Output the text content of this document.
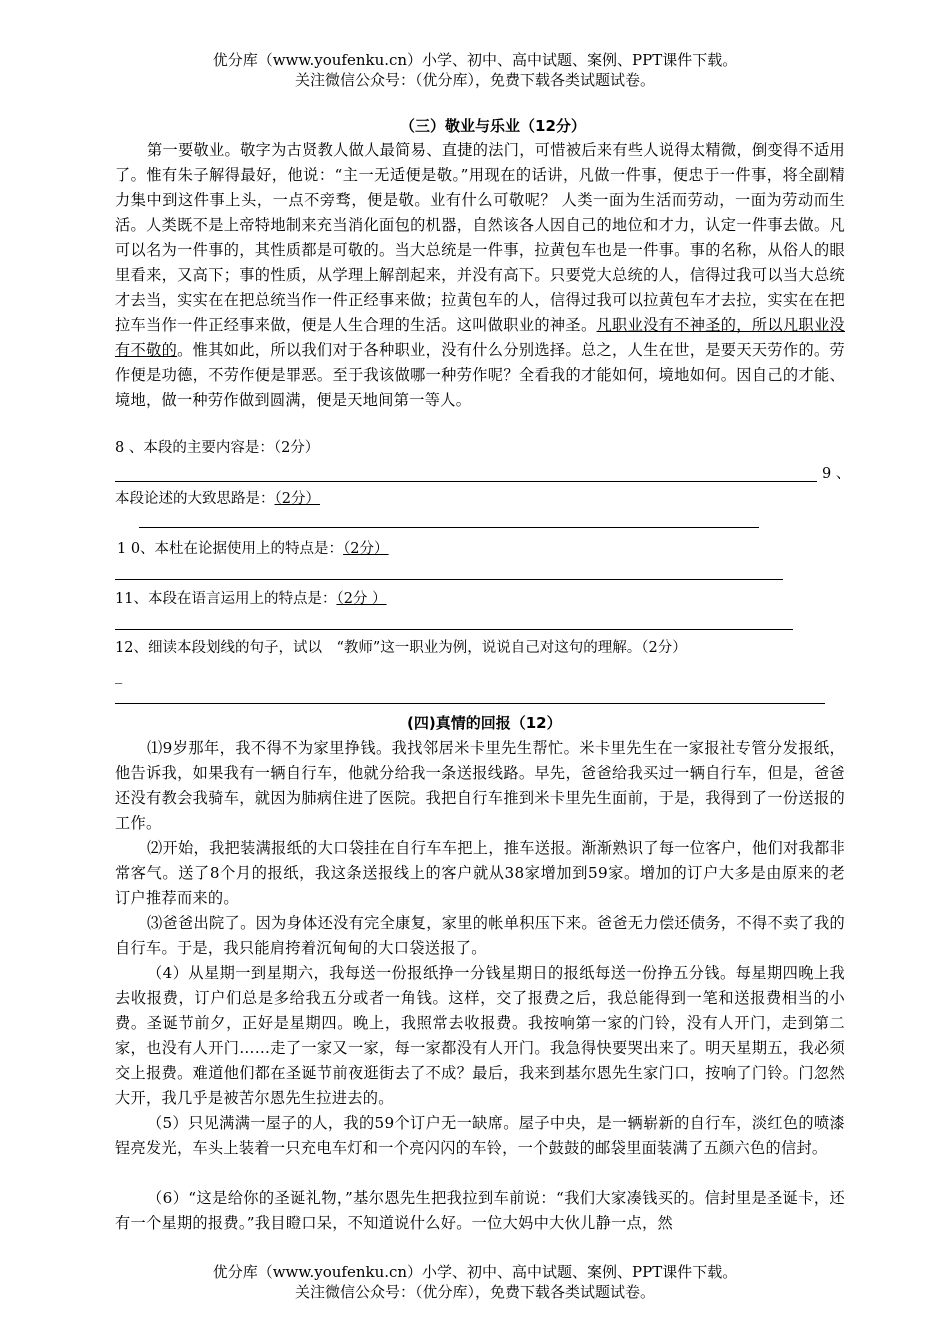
优分库（www.youfenku.cn）小学、初中、高中试题、案例、PPT课件下载。
关注微信公众号：（优分库），免费下载各类试题试卷。
（三）敬业与乐业（12分）

第一要敬业。敬字为古贤教人做人最简易、直捷的法门，可惜被后来有些人说得太精微，倒变得不适用了。惟有朱子解得最好，他说：“主一无适便是敬。”用现在的话讲，凡做一件事，便忠于一件事，将全副精力集中到这件事上头，一点不旁骛，便是敬。业有什么可敬呢？ 人类一面为生活而劳动，一面为劳动而生活。人类既不是上帝特地制来充当消化面包的机器，自然该各人因自己的地位和才力，认定一件事去做。凡可以名为一件事的，其性质都是可敬的。当大总统是一件事，拉黄包车也是一件事。事的名称，从俗人的眼里看来，又高下；事的性质，从学理上解剖起来，并没有高下。只要党大总统的人，信得过我可以当大总统才去当，实实在在把总统当作一件正经事来做；拉黄包车的人，信得过我可以拉黄包车才去拉，实实在在把拉车当作一件正经事来做，便是人生合理的生活。这叫做职业的神圣。凡职业没有不神圣的，所以凡职业没有不敬的。惟其如此，所以我们对于各种职业，没有什么分别选择。总之，人生在世，是要天天劳作的。劳作便是功德，不劳作便是罪恶。至于我该做哪一种劳作呢？全看我的才能如何，境地如何。因自己的才能、境地，做一种劳作做到圆满，便是天地间第一等人。

8 、本段的主要内容是：（2分）
9 、
本段论述的大致思路是：（2分）
1 0、本杜在论据使用上的特点是：（2分）
11、本段在语言运用上的特点是：（2分 ）
12、细读本段划线的句子，试以　“教师”这一职业为例，说说自己对这句的理解。（2分）
_
(四)真情的回报（12）

⑴9岁那年，我不得不为家里挣钱。我找邻居米卡里先生帮忙。米卡里先生在一家报社专管分发报纸，他告诉我，如果我有一辆自行车，他就分给我一条送报线路。早先，爸爸给我买过一辆自行车，但是，爸爸还没有教会我骑车，就因为肺病住进了医院。我把自行车推到米卡里先生面前，于是，我得到了一份送报的工作。

⑵开始，我把装满报纸的大口袋挂在自行车车把上，推车送报。渐渐熟识了每一位客户，他们对我都非常客气。送了8个月的报纸，我这条送报线上的客户就从38家增加到59家。增加的订户大多是由原来的老订户推荐而来的。

⑶爸爸出院了。因为身体还没有完全康复，家里的帐单积压下来。爸爸无力偿还债务，不得不卖了我的自行车。于是，我只能肩挎着沉甸甸的大口袋送报了。

（4）从星期一到星期六，我每送一份报纸挣一分钱星期日的报纸每送一份挣五分钱。每星期四晚上我去收报费，订户们总是多给我五分或者一角钱。这样，交了报费之后，我总能得到一笔和送报费相当的小费。圣诞节前夕，正好是星期四。晚上，我照常去收报费。我按响第一家的门铃，没有人开门，走到第二家，也没有人开门……走了一家又一家，每一家都没有人开门。我急得快要哭出来了。明天星期五，我必须交上报费。难道他们都在圣诞节前夜逛街去了不成？最后，我来到基尔恩先生家门口，按响了门铃。门忽然大开，我几乎是被苦尔恩先生拉进去的。

（5）只见满满一屋子的人，我的59个订户无一缺席。屋子中央，是一辆崭新的自行车，淡红色的喷漆锃亮发光，车头上装着一只充电车灯和一个亮闪闪的车铃，一个鼓鼓的邮袋里面装满了五颜六色的信封。

（6）“这是给你的圣诞礼物，”基尔恩先生把我拉到车前说：“我们大家凑钱买的。信封里是圣诞卡，还有一个星期的报费。”我目瞪口呆，不知道说什么好。一位大妈中大伙儿静一点，然

优分库（www.youfenku.cn）小学、初中、高中试题、案例、PPT课件下载。
关注微信公众号：（优分库），免费下载各类试题试卷。
